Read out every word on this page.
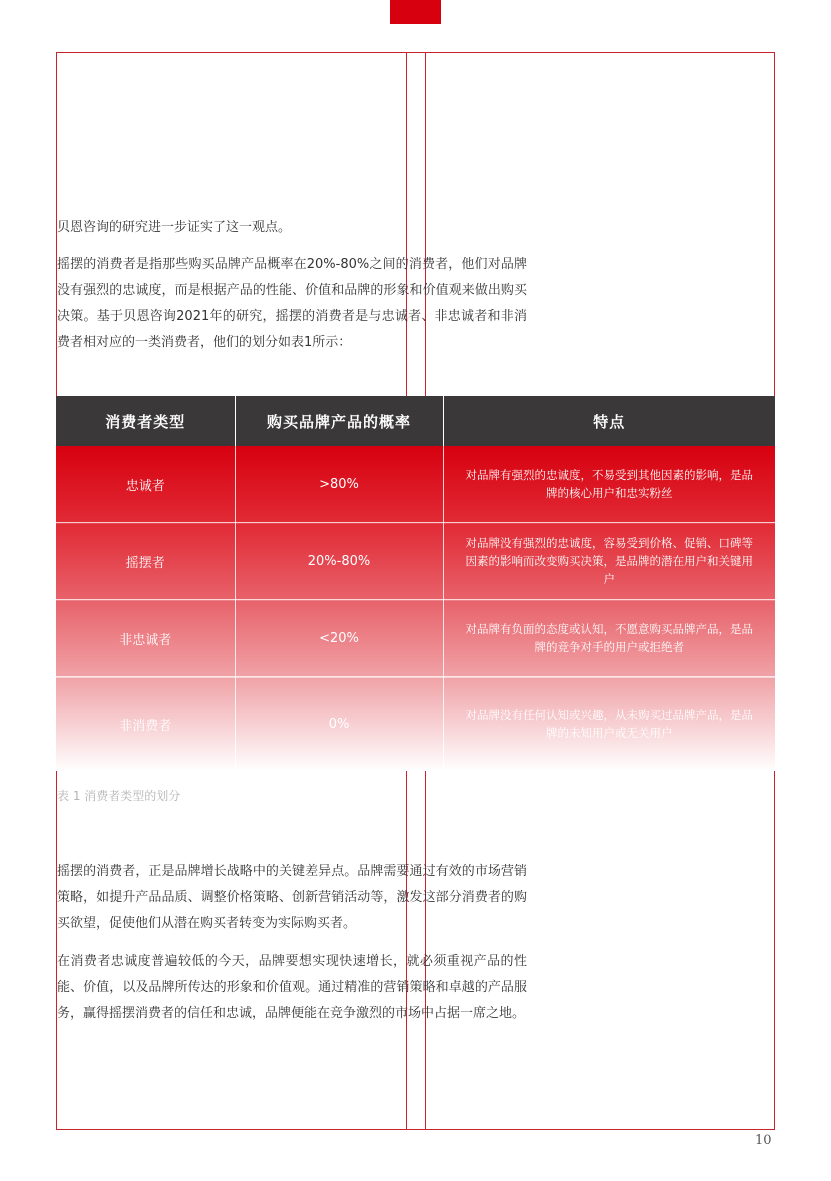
贝恩咨询的研究进一步证实了这一观点。

摇摆的消费者是指那些购买品牌产品概率在20%-80%之间的消费者，他们对品牌没有强烈的忠诚度，而是根据产品的性能、价值和品牌的形象和价值观来做出购买决策。基于贝恩咨询2021年的研究，摇摆的消费者是与忠诚者、非忠诚者和非消费者相对应的一类消费者，他们的划分如表1所示：

消费者类型	购买品牌产品的概率	特点
忠诚者	>80%	对品牌有强烈的忠诚度，不易受到其他因素的影响，是品牌的核心用户和忠实粉丝
摇摆者	20%-80%	对品牌没有强烈的忠诚度，容易受到价格、促销、口碑等因素的影响而改变购买决策，是品牌的潜在用户和关键用户
非忠诚者	<20%	对品牌有负面的态度或认知，不愿意购买品牌产品，是品牌的竞争对手的用户或拒绝者
非消费者	0%	对品牌没有任何认知或兴趣，从未购买过品牌产品，是品牌的未知用户或无关用户

表 1 消费者类型的划分

摇摆的消费者，正是品牌增长战略中的关键差异点。品牌需要通过有效的市场营销策略，如提升产品品质、调整价格策略、创新营销活动等，激发这部分消费者的购买欲望，促使他们从潜在购买者转变为实际购买者。

在消费者忠诚度普遍较低的今天，品牌要想实现快速增长，就必须重视产品的性能、价值，以及品牌所传达的形象和价值观。通过精准的营销策略和卓越的产品服务，赢得摇摆消费者的信任和忠诚，品牌便能在竞争激烈的市场中占据一席之地。

10
